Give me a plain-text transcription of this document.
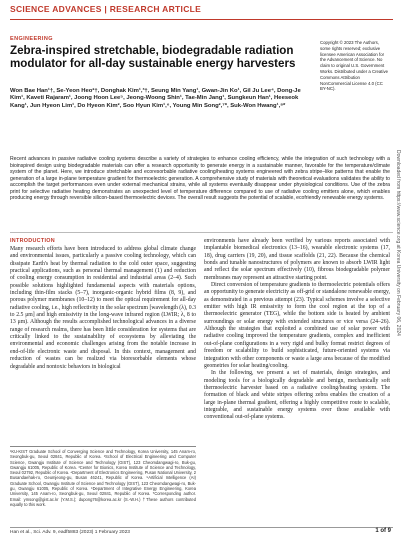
SCIENCE ADVANCES | RESEARCH ARTICLE
ENGINEERING
Zebra-inspired stretchable, biodegradable radiation modulator for all-day sustainable energy harvesters
Won Bae Han¹†, Se-Yeon Heo²†, Donghak Kim¹,³†, Seung Min Yang¹, Gwan-Jin Ko¹, Gil Ju Lee⁴, Dong-Je Kim¹, Kaveti Rajaram¹, Joong Hoon Lee⁵, Jeong-Woong Shin¹, Tae-Min Jang¹, Sungkeun Han¹, Heeseok Kang¹, Jun Hyeon Lim¹, Do Hyeon Kim², Soo Hyun Kim¹,⁶, Young Min Song²,⁷*, Suk-Won Hwang¹,⁸*
Copyright © 2023 The Authors, some rights reserved; exclusive licensee American Association for the Advancement of Science. No claim to original U.S. Government Works. Distributed under a Creative Commons Attribution NonCommercial License 4.0 (CC BY-NC).
Recent advances in passive radiative cooling systems describe a variety of strategies to enhance cooling efficiency, while the integration of such technology with a bioinspired design using biodegradable materials can offer a research opportunity to generate energy in a sustainable manner, favorable for the temperature/climate system of the planet. Here, we introduce stretchable and ecoresorbable radiative cooling/heating systems engineered with zebra stripe–like patterns that enable the generation of a large in-plane temperature gradient for thermoelectric generation. A comprehensive study of materials with theoretical evaluations validates the ability to accomplish the target performances even under external mechanical strains, while all systems eventually disappear under physiological conditions. Use of the zebra print for selective radiative heating demonstrates an unexpected level of temperature difference compared to use of radiative cooling emitters alone, which enables producing energy through reversible silicon-based thermoelectric devices. The overall result suggests the potential of scalable, ecofriendly renewable energy systems.
INTRODUCTION

Many research efforts have been introduced to address global climate change and environmental issues, particularly a passive cooling technology, which can dissipate Earth's heat by thermal radiation to the cold outer space, suggesting practical applications, such as personal thermal management (1) and reduction of cooling energy consumption in residential and industrial areas (2–4). Such possible solutions highlighted fundamental aspects with materials options, including thin-film stacks (5–7), inorganic-organic hybrid films (8, 9), and porous polymer membranes (10–12) to meet the optical requirement for all-day radiative cooling, i.e., high reflectivity in the solar spectrum [wavelength (λ), 0.3 to 2.5 μm] and high emissivity in the long-wave infrared region (LWIR; λ, 8 to 13 μm). Although the results accomplished technological advances in a diverse range of research realms, there has been little consideration for systems that are critically linked to the sustainability of ecosystems by alleviating the environmental and economic challenges arising from the notable increase in end-of-life electronic waste and disposal. In this context, management and reduction of wastes can be realized via bioresorbable elements whose degradable and nontoxic behaviors in biological

environments have already been verified by various reports associated with implantable biomedical electronics (13–16), wearable electronic systems (17, 18), drug carriers (19, 20), and tissue scaffolds (21, 22). Because the chemical bonds and tunable nanostructures of polymers are known to absorb LWIR light and reflect the solar spectrum effectively (10), fibrous biodegradable polymer membranes may represent an attractive starting point.

Direct conversion of temperature gradients to thermoelectric potentials offers an opportunity to generate electricity as off-grid or standalone renewable energy, as demonstrated in a previous attempt (23). Typical schemes involve a selective emitter with high IR emissivity to form the cool region at the top of a thermoelectric generator (TEG), while the bottom side is heated by ambient surroundings or solar energy with extended structures or vice versa (24–26). Although the strategies that exploited a combined use of solar power with radiative cooling improved the temperature gradients, complex and inefficient out-of-plane configurations in a very rigid and bulky format restrict degrees of freedom or scalability to build sophisticated, future-oriented systems via integration with other components or waste a large area because of the modified geometries for solar heating/cooling.

In the following, we present a set of materials, design strategies, and modeling tools for a biologically degradable and benign, mechanically soft thermoelectric harvester based on a radiative cooling/heating system. The formation of black and white stripes offering zebra enables the creation of a large in-plane thermal gradient, offering a highly competitive route to scalable, integrable, and sustainable energy systems over those available with conventional out-of-plane systems.

¹KU-KIST Graduate School of Converging Science and Technology, Korea University, 145 Anam-ro, Seongbuk-gu, Seoul 02841, Republic of Korea. ²School of Electrical Engineering and Computer Science, Gwangju Institute of Science and Technology (GIST), 123 Cheomdangwagi-ro, Buk-gu, Gwangju 61005, Republic of Korea. ³Center for Bionics, Korea Institute of Science and Technology, Seoul 02792, Republic of Korea. ⁴Department of Electronics Engineering, Pusan National University, 2 Busandaehak-ro, Geumjeong-gu, Busan 46241, Republic of Korea. ⁵Artificial Intelligence (AI) Graduate School, Gwangju Institute of Science and Technology (GIST), 123 Cheomdangwagi-ro, Buk-gu, Gwangju 61005, Republic of Korea. ⁶Department of Integrative Energy Engineering, Korea University, 145 Anam-ro, Seongbuk-gu, Seoul 02841, Republic of Korea. *Corresponding author. Email: ymsong@gist.ac.kr (Y.M.S.); dupong76@korea.ac.kr (S.-W.H.) †These authors contributed equally to this work.
Downloaded from https://www.science.org at Korea University on February 06, 2024
Han et al., Sci. Adv. 9, eadf5883 (2023) 1 February 2023	1 of 9
